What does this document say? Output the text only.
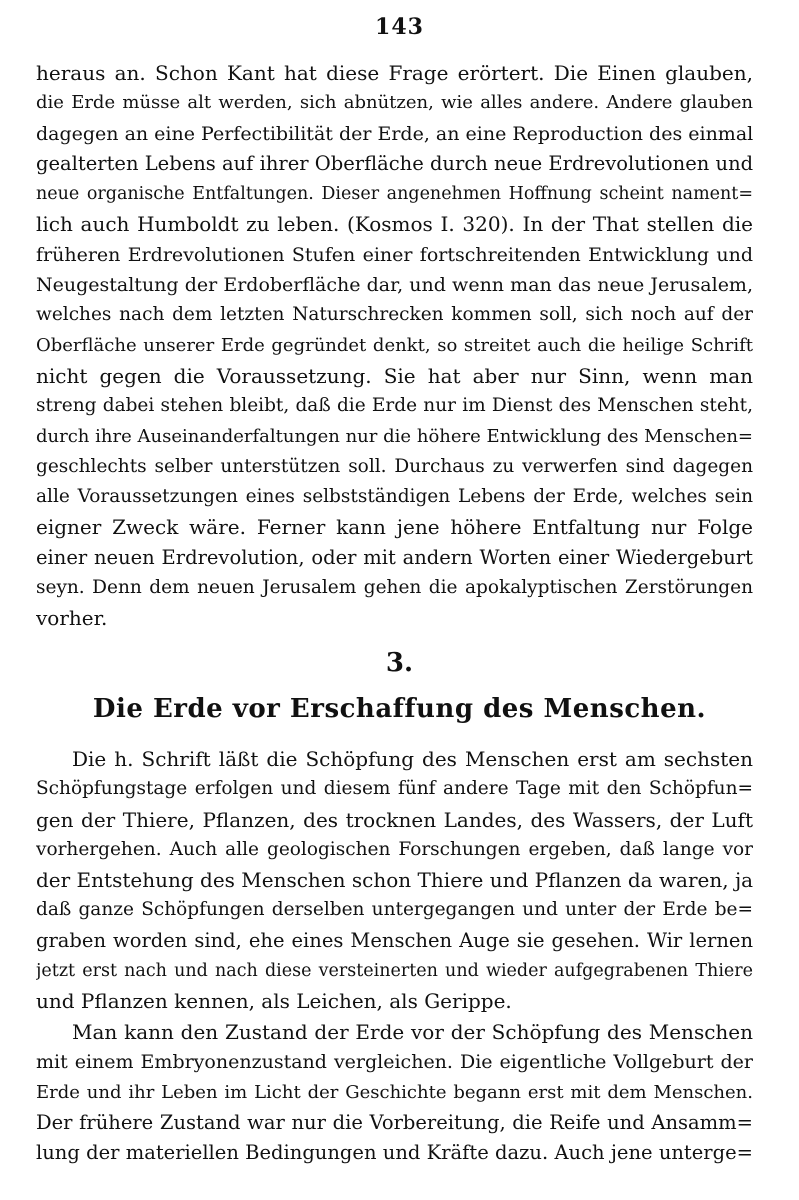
143
heraus an. Schon Kant hat diese Frage erörtert. Die Einen glauben,
die Erde müsse alt werden, sich abnützen, wie alles andere. Andere glauben
dagegen an eine Perfectibilität der Erde, an eine Reproduction des einmal
gealterten Lebens auf ihrer Oberfläche durch neue Erdrevolutionen und
neue organische Entfaltungen. Dieser angenehmen Hoffnung scheint nament=
lich auch Humboldt zu leben. (Kosmos I. 320). In der That stellen die
früheren Erdrevolutionen Stufen einer fortschreitenden Entwicklung und
Neugestaltung der Erdoberfläche dar, und wenn man das neue Jerusalem,
welches nach dem letzten Naturschrecken kommen soll, sich noch auf der
Oberfläche unserer Erde gegründet denkt, so streitet auch die heilige Schrift
nicht gegen die Voraussetzung. Sie hat aber nur Sinn, wenn man
streng dabei stehen bleibt, daß die Erde nur im Dienst des Menschen steht,
durch ihre Auseinanderfaltungen nur die höhere Entwicklung des Menschen=
geschlechts selber unterstützen soll. Durchaus zu verwerfen sind dagegen
alle Voraussetzungen eines selbstständigen Lebens der Erde, welches sein
eigner Zweck wäre. Ferner kann jene höhere Entfaltung nur Folge
einer neuen Erdrevolution, oder mit andern Worten einer Wiedergeburt
seyn. Denn dem neuen Jerusalem gehen die apokalyptischen Zerstörungen
vorher.
3.
Die Erde vor Erschaffung des Menschen.
Die h. Schrift läßt die Schöpfung des Menschen erst am sechsten
Schöpfungstage erfolgen und diesem fünf andere Tage mit den Schöpfun=
gen der Thiere, Pflanzen, des trocknen Landes, des Wassers, der Luft
vorhergehen. Auch alle geologischen Forschungen ergeben, daß lange vor
der Entstehung des Menschen schon Thiere und Pflanzen da waren, ja
daß ganze Schöpfungen derselben untergegangen und unter der Erde be=
graben worden sind, ehe eines Menschen Auge sie gesehen. Wir lernen
jetzt erst nach und nach diese versteinerten und wieder aufgegrabenen Thiere
und Pflanzen kennen, als Leichen, als Gerippe.
Man kann den Zustand der Erde vor der Schöpfung des Menschen
mit einem Embryonenzustand vergleichen. Die eigentliche Vollgeburt der
Erde und ihr Leben im Licht der Geschichte begann erst mit dem Menschen.
Der frühere Zustand war nur die Vorbereitung, die Reife und Ansamm=
lung der materiellen Bedingungen und Kräfte dazu. Auch jene unterge=
